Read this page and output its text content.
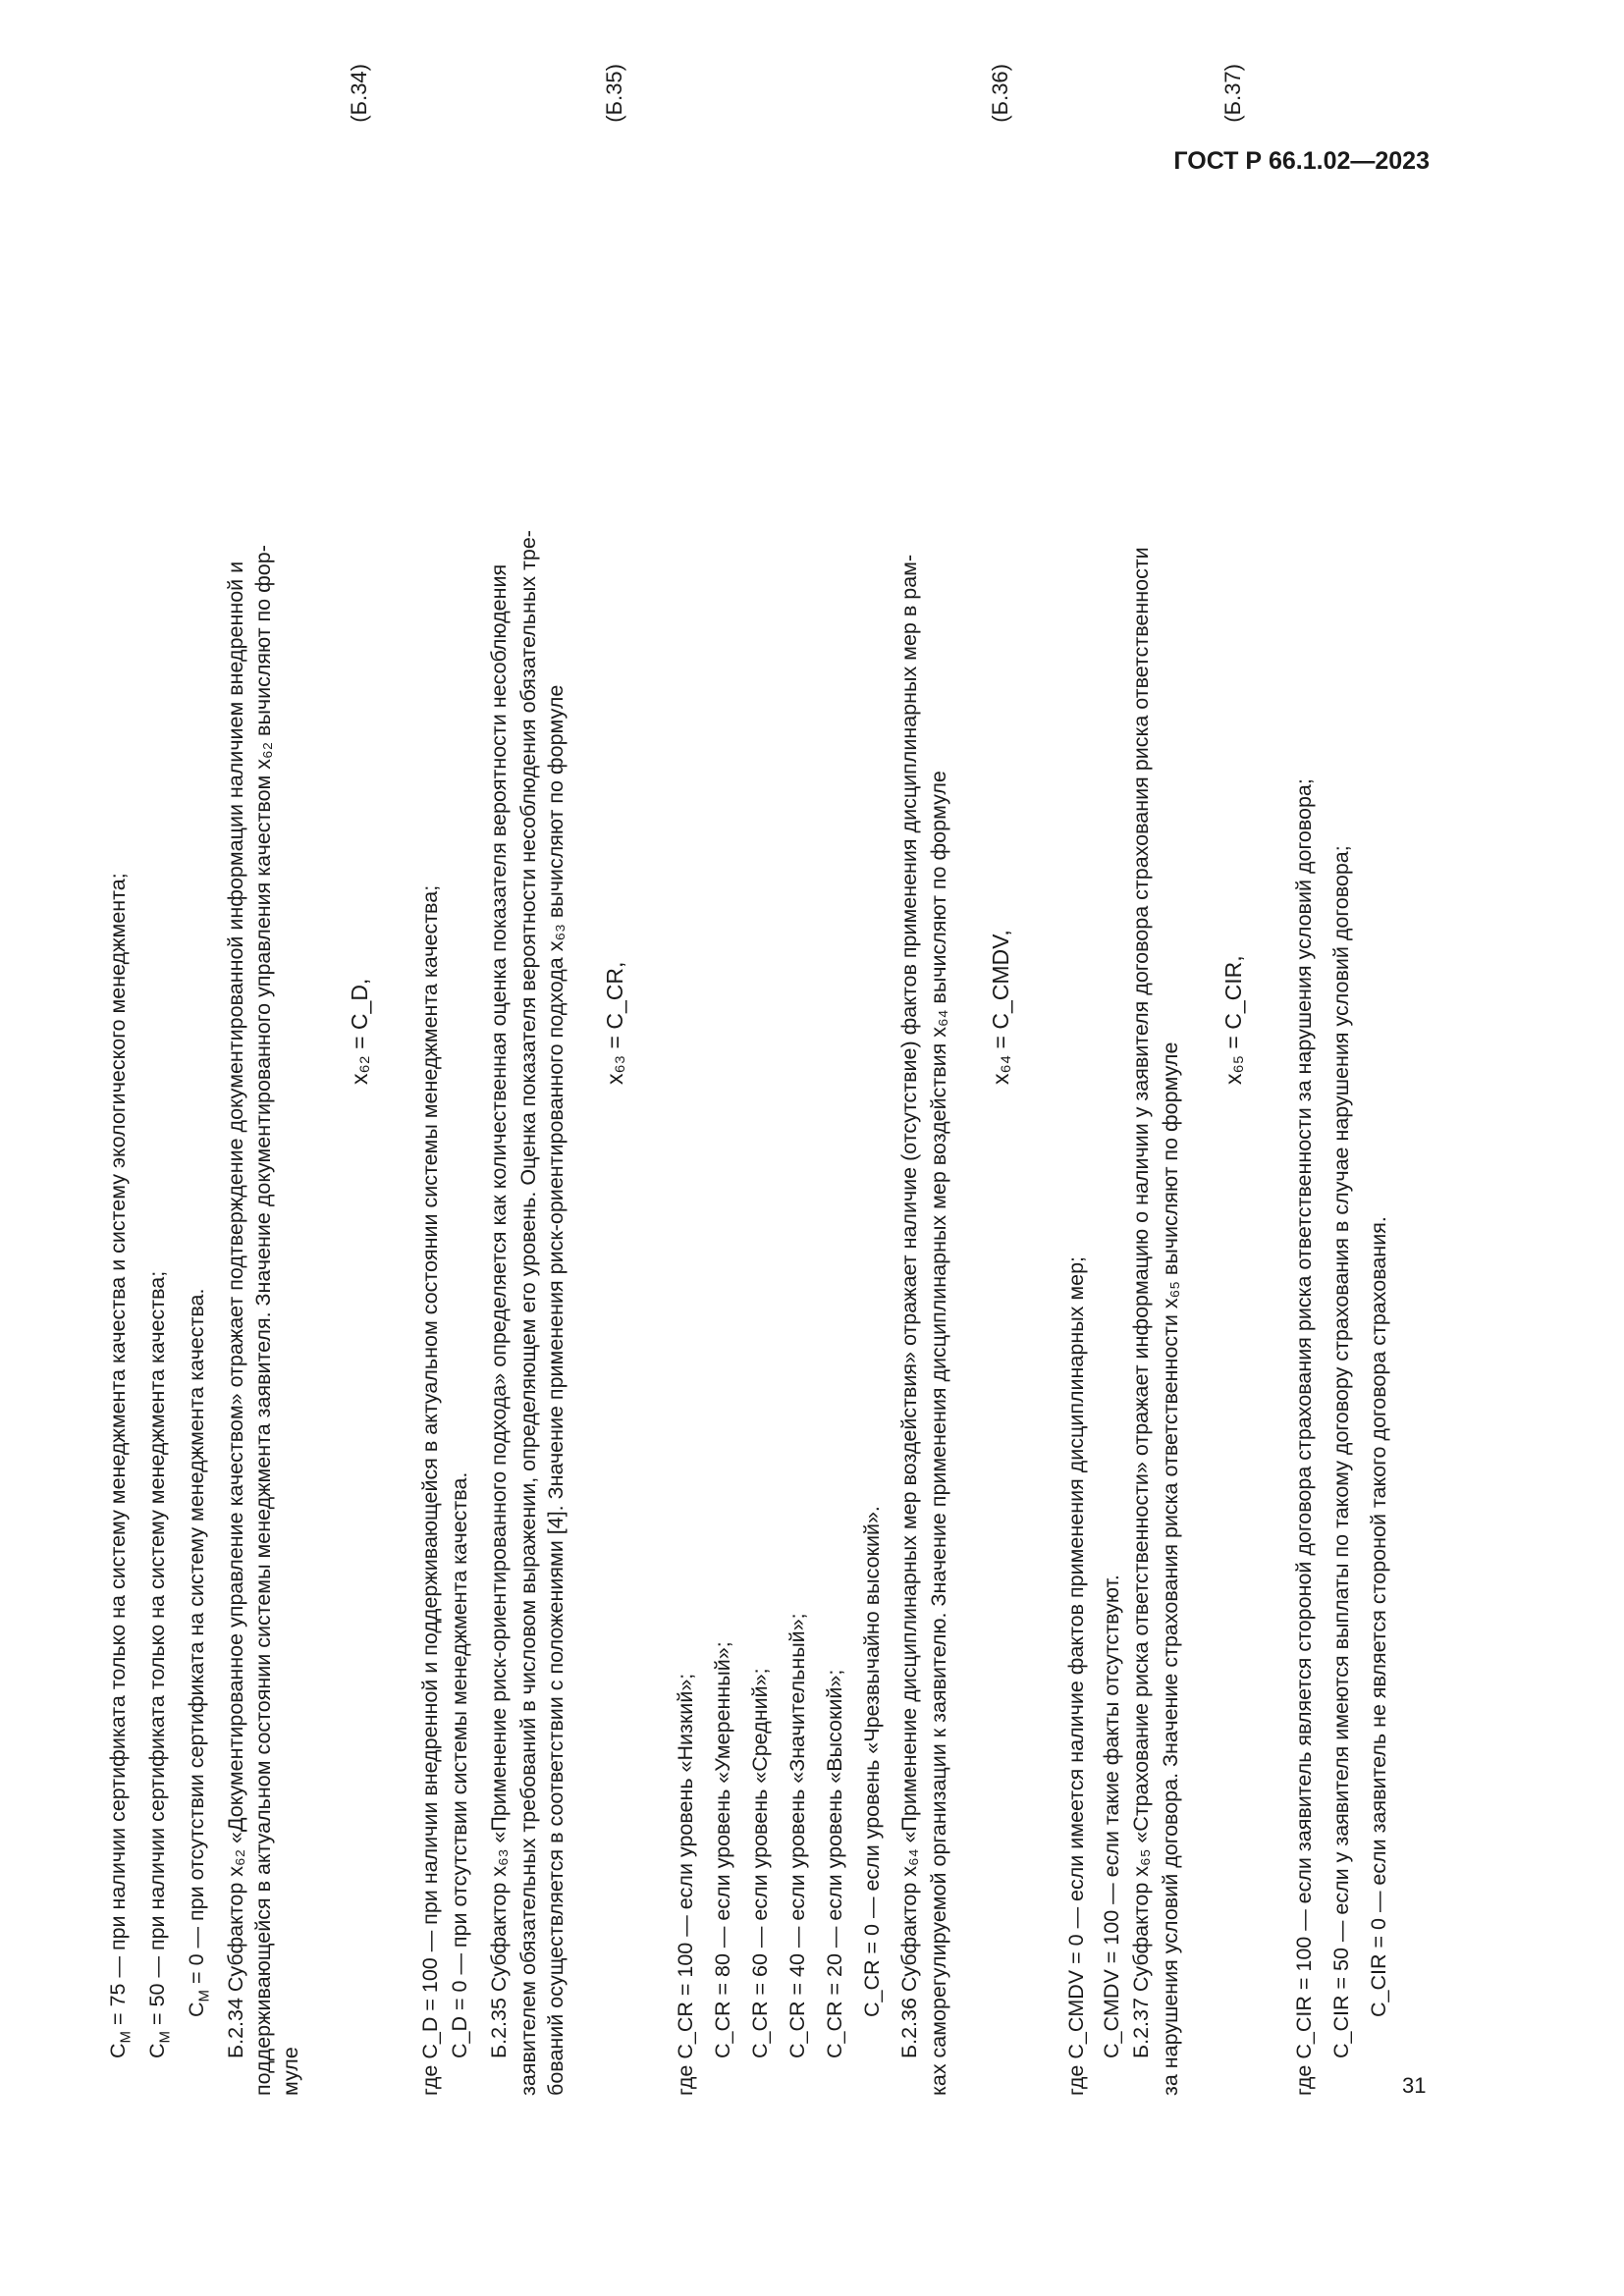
ГОСТ Р 66.1.02—2023
$C_M = 75$ — при наличии сертификата только на систему менеджмента качества и систему экологического менеджмента;
$C_M = 50$ — при наличии сертификата только на систему менеджмента качества; $C_M = 0$ — при отсутствии сертификата на систему менеджмента качества. Б.2.34 Субфактор x₆₂ «Документированное управление качеством» отражает подтверждение документированной информации наличием внедренной и поддерживающейся в актуальном состоянии системы менеджмента заявителя. Значение документированного управления качеством x₆₂ вычисляют по фор- муле
x₆₂ = C_D,
(Б.34)
где C_D = 100 — при наличии внедренной и поддерживающейся в актуальном состоянии системы менеджмента качества; C_D = 0 — при отсутствии системы менеджмента качества. Б.2.35 Субфактор x₆₃ «Применение риск-ориентированного подхода» определяется как количественная оценка показателя вероятности несоблюдения заявителем обязательных требований в числовом выражении, определяющем его уровень. Оценка показателя вероятности несоблюдения обязательных тре- бований осуществляется в соответствии с положениями [4]. Значение применения риск-ориентированного подхода x₆₃ вычисляют по формуле x₆₃ = C_CR,
(Б.35)
где C_CR = 100 — если уровень «Низкий»; C_CR = 80 — если уровень «Умеренный»; C_CR = 60 — если уровень «Средний»; C_CR = 40 — если уровень «Значительный»; C_CR = 20 — если уровень «Высокий»; C_CR = 0 — если уровень «Чрезвычайно высокий». Б.2.36 Субфактор x₆₄ «Применение дисциплинарных мер воздействия» отражает наличие (отсутствие) фактов применения дисциплинарных мер в рам- ках саморегулируемой организации к заявителю. Значение применения дисциплинарных мер воздействия x₆₄ вычисляют по формуле x₆₄ = C_CMDV,
(Б.36)
где C_CMDV = 0 — если имеется наличие фактов применения дисциплинарных мер; C_CMDV = 100 — если такие факты отсутствуют. Б.2.37 Субфактор x₆₅ «Страхование риска ответственности» отражает информацию о наличии у заявителя договора страхования риска ответственности за нарушения условий договора. Значение страхования риска ответственности x₆₅ вычисляют по формуле
x₆₅ = C_CIR,
(Б.37)
где C_CIR = 100 — если заявитель является стороной договора страхования риска ответственности за нарушения условий договора; C_CIR = 50 — если у заявителя имеются выплаты по такому договору страхования в случае нарушения условий договора; C_CIR = 0 — если заявитель не является стороной такого договора страхования.
31
